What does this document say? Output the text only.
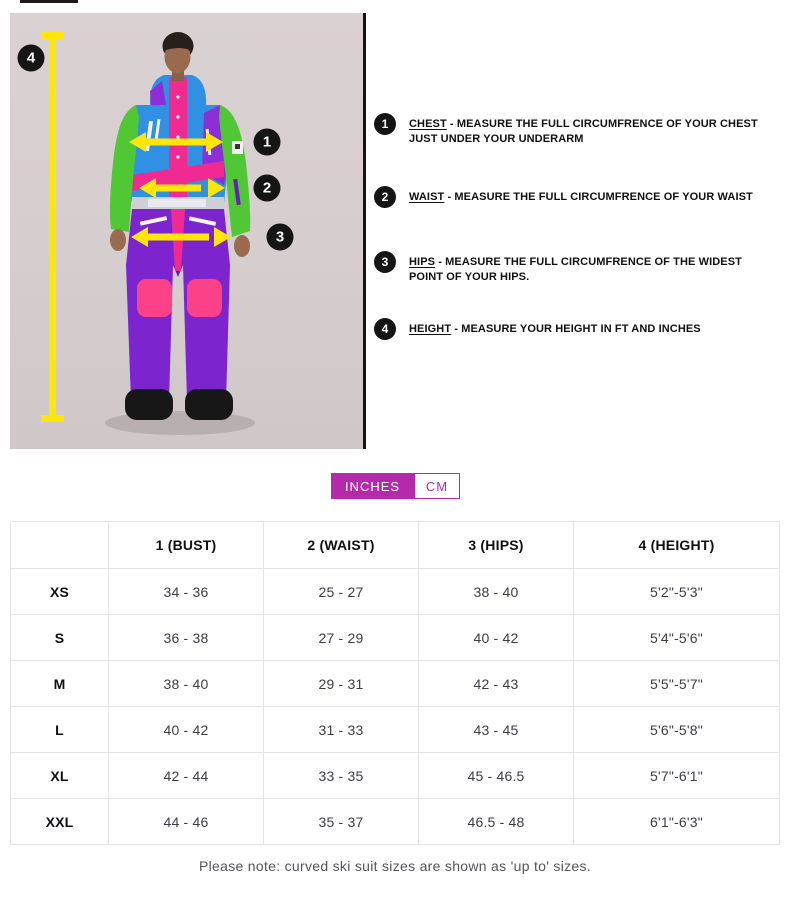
1
2
3
4
1 CHEST - MEASURE THE FULL CIRCUMFRENCE OF YOUR CHEST JUST UNDER YOUR UNDERARM

2 WAIST - MEASURE THE FULL CIRCUMFRENCE OF YOUR WAIST

3 HIPS - MEASURE THE FULL CIRCUMFRENCE OF THE WIDEST POINT OF YOUR HIPS.

4 HEIGHT - MEASURE YOUR HEIGHT IN FT AND INCHES

INCHES	CM
	1 (BUST)	2 (WAIST)	3 (HIPS)	4 (HEIGHT)
XS	34 - 36	25 - 27	38 - 40	5'2"-5'3"
S	36 - 38	27 - 29	40 - 42	5'4"-5'6"
M	38 - 40	29 - 31	42 - 43	5'5"-5'7"
L	40 - 42	31 - 33	43 - 45	5'6"-5'8"
XL	42 - 44	33 - 35	45 - 46.5	5'7"-6'1"
XXL	44 - 46	35 - 37	46.5 - 48	6'1"-6'3"
Please note: curved ski suit sizes are shown as 'up to' sizes.
